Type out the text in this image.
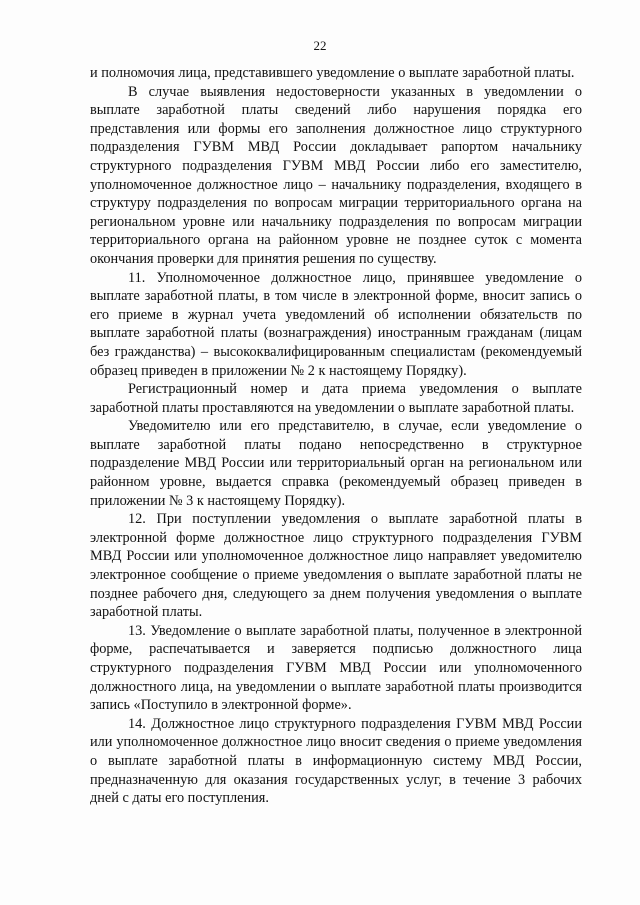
22

и полномочия лица, представившего уведомление о выплате заработной платы.

В случае выявления недостоверности указанных в уведомлении о выплате заработной платы сведений либо нарушения порядка его представления или формы его заполнения должностное лицо структурного подразделения ГУВМ МВД России докладывает рапортом начальнику структурного подразделения ГУВМ МВД России либо его заместителю, уполномоченное должностное лицо – начальнику подразделения, входящего в структуру подразделения по вопросам миграции территориального органа на региональном уровне или начальнику подразделения по вопросам миграции территориального органа на районном уровне не позднее суток с момента окончания проверки для принятия решения по существу.

11. Уполномоченное должностное лицо, принявшее уведомление о выплате заработной платы, в том числе в электронной форме, вносит запись о его приеме в журнал учета уведомлений об исполнении обязательств по выплате заработной платы (вознаграждения) иностранным гражданам (лицам без гражданства) – высококвалифицированным специалистам (рекомендуемый образец приведен в приложении № 2 к настоящему Порядку).

Регистрационный номер и дата приема уведомления о выплате заработной платы проставляются на уведомлении о выплате заработной платы.

Уведомителю или его представителю, в случае, если уведомление о выплате заработной платы подано непосредственно в структурное подразделение МВД России или территориальный орган на региональном или районном уровне, выдается справка (рекомендуемый образец приведен в приложении № 3 к настоящему Порядку).

12. При поступлении уведомления о выплате заработной платы в электронной форме должностное лицо структурного подразделения ГУВМ МВД России или уполномоченное должностное лицо направляет уведомителю электронное сообщение о приеме уведомления о выплате заработной платы не позднее рабочего дня, следующего за днем получения уведомления о выплате заработной платы.

13. Уведомление о выплате заработной платы, полученное в электронной форме, распечатывается и заверяется подписью должностного лица структурного подразделения ГУВМ МВД России или уполномоченного должностного лица, на уведомлении о выплате заработной платы производится запись «Поступило в электронной форме».

14. Должностное лицо структурного подразделения ГУВМ МВД России или уполномоченное должностное лицо вносит сведения о приеме уведомления о выплате заработной платы в информационную систему МВД России, предназначенную для оказания государственных услуг, в течение 3 рабочих дней с даты его поступления.
